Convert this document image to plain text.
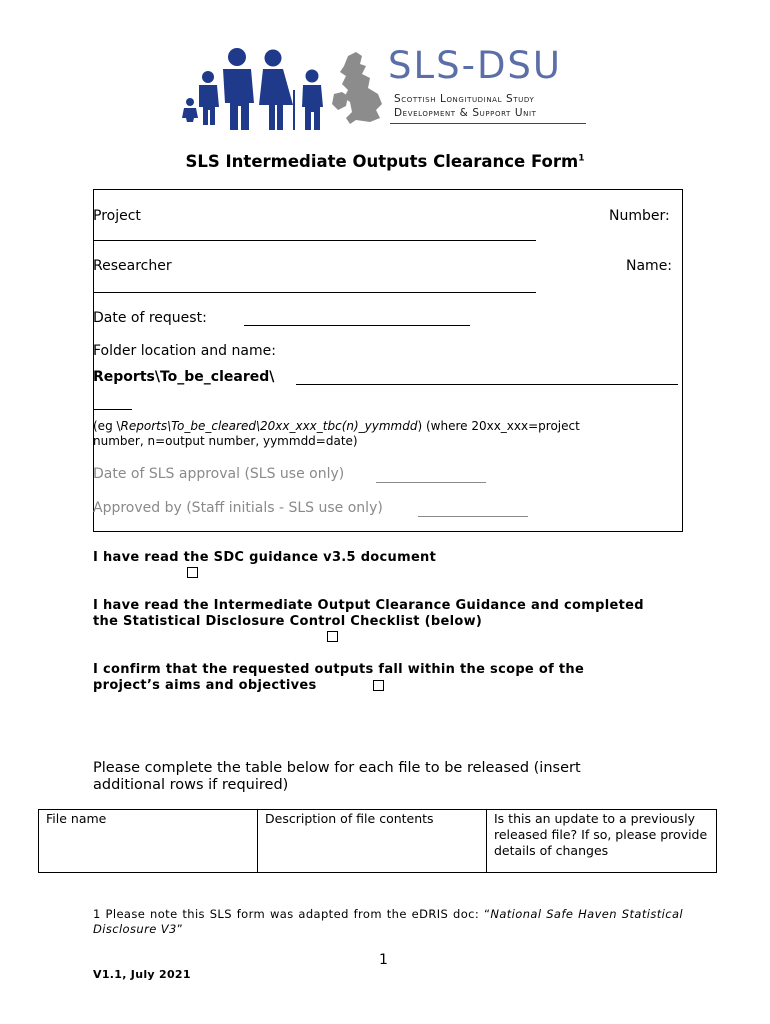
SLS-DSU
Scottish Longitudinal Study
Development & Support Unit
SLS Intermediate Outputs Clearance Form$^1$
Project	Number:
Researcher	Name:
Date of request:
Folder location and name:
Reports\To_be_cleared\
(eg \Reports\To_be_cleared\20xx_xxx_tbc(n)_yymmdd) (where 20xx_xxx=project
number, n=output number, yymmdd=date)
Date of SLS approval (SLS use only)
Approved by (Staff initials - SLS use only)
I have read the SDC guidance v3.5 document
I have read the Intermediate Output Clearance Guidance and completed
the Statistical Disclosure Control Checklist (below)
I confirm that the requested outputs fall within the scope of the
project’s aims and objectives
Please complete the table below for each file to be released (insert
additional rows if required)
File name	Description of file contents	Is this an update to a previously released file? If so, please provide details of changes
1 Please note this SLS form was adapted from the eDRIS doc: “National Safe Haven Statistical Disclosure V3”
1
V1.1, July 2021
